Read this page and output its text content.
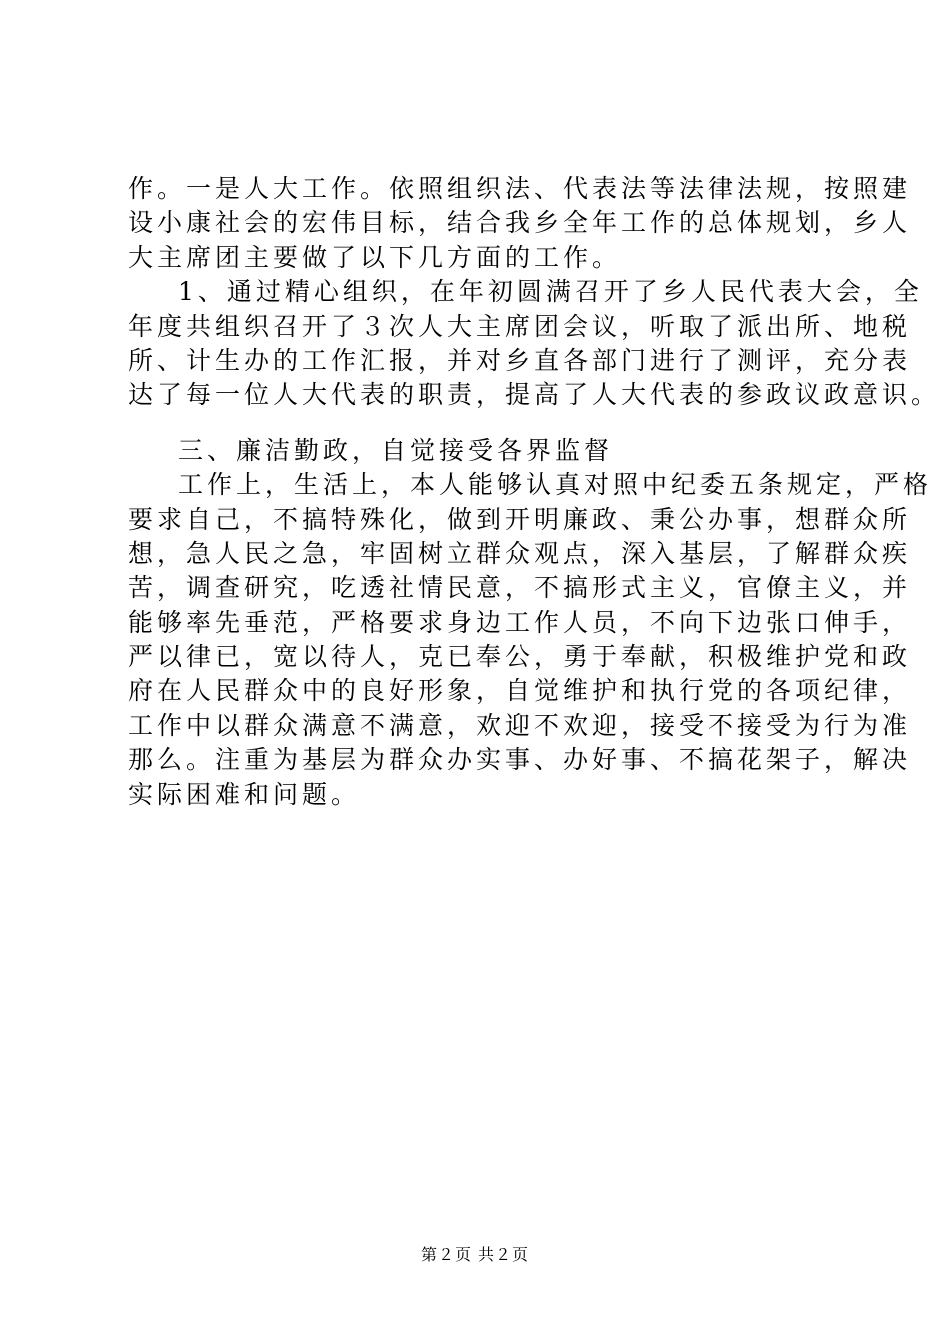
作。一是人大工作。依照组织法、代表法等法律法规，按照建
设小康社会的宏伟目标，结合我乡全年工作的总体规划，乡人
大主席团主要做了以下几方面的工作。
1、通过精心组织，在年初圆满召开了乡人民代表大会，全
年度共组织召开了３次人大主席团会议，听取了派出所、地税
所、计生办的工作汇报，并对乡直各部门进行了测评，充分表
达了每一位人大代表的职责，提高了人大代表的参政议政意识。
三、廉洁勤政，自觉接受各界监督
工作上，生活上，本人能够认真对照中纪委五条规定，严格
要求自己，不搞特殊化，做到开明廉政、秉公办事，想群众所
想，急人民之急，牢固树立群众观点，深入基层，了解群众疾
苦，调查研究，吃透社情民意，不搞形式主义，官僚主义，并
能够率先垂范，严格要求身边工作人员，不向下边张口伸手，
严以律已，宽以待人，克已奉公，勇于奉献，积极维护党和政
府在人民群众中的良好形象，自觉维护和执行党的各项纪律，
工作中以群众满意不满意，欢迎不欢迎，接受不接受为行为准
那么。注重为基层为群众办实事、办好事、不搞花架子，解决
实际困难和问题。
第２页 共２页
